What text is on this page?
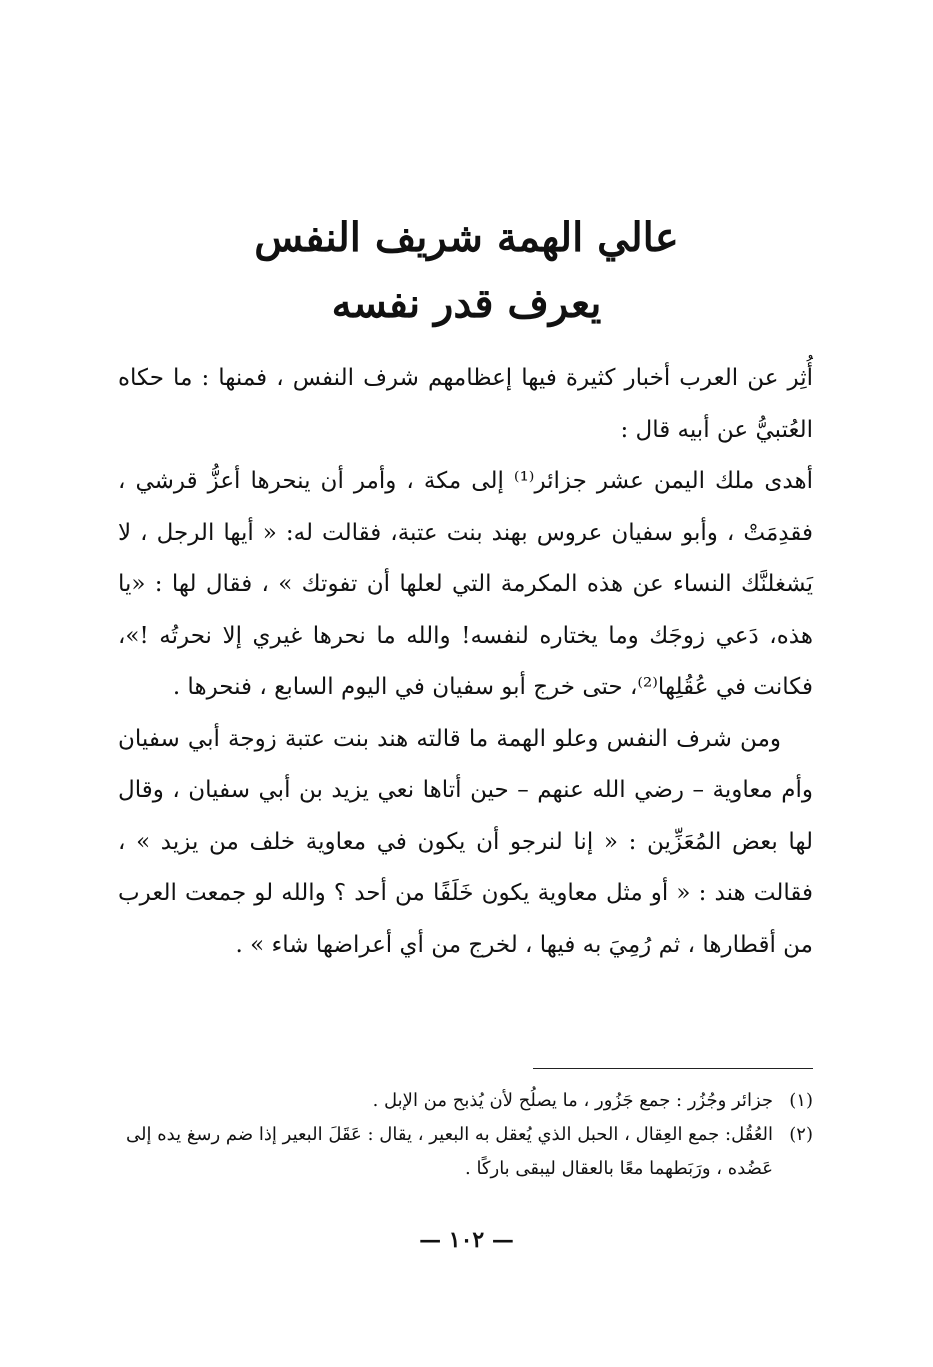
عالي الهمة شريف النفس
يعرف قدر نفسه

أُثِر عن العرب أخبار كثيرة فيها إعظامهم شرف النفس ، فمنها : ما حكاه العُتبيُّ عن أبيه قال :

أهدى ملك اليمن عشر جزائر⁽¹⁾ إلى مكة ، وأمر أن ينحرها أعزُّ قرشي ، فقدِمَتْ ، وأبو سفيان عروس بهند بنت عتبة، فقالت له: « أيها الرجل ، لا يَشغلنَّك النساء عن هذه المكرمة التي لعلها أن تفوتك » ، فقال لها : «يا هذه، دَعي زوجَك وما يختاره لنفسه! والله ما نحرها غيري إلا نحرتُه !»، فكانت في عُقُلِها⁽²⁾، حتى خرج أبو سفيان في اليوم السابع ، فنحرها .

ومن شرف النفس وعلو الهمة ما قالته هند بنت عتبة زوجة أبي سفيان وأم معاوية – رضي الله عنهم – حين أتاها نعي يزيد بن أبي سفيان ، وقال لها بعض المُعَزِّين : « إنا لنرجو أن يكون في معاوية خلف من يزيد » ، فقالت هند : « أو مثل معاوية يكون خَلَفًا من أحد ؟ والله لو جمعت العرب من أقطارها ، ثم رُمِيَ به فيها ، لخرج من أي أعراضها شاء » .

(١)
جزائر وجُزُر : جمع جَزُور ، ما يصلُح لأن يُذبح من الإبل .
(٢)
العُقُل: جمع العِقال ، الحبل الذي يُعقل به البعير ، يقال : عَقَلَ البعير إذا ضم رسغ يده إلى عَضُده ، ورَبَطهما معًا بالعقال ليبقى باركًا .
— ١٠٢ —
